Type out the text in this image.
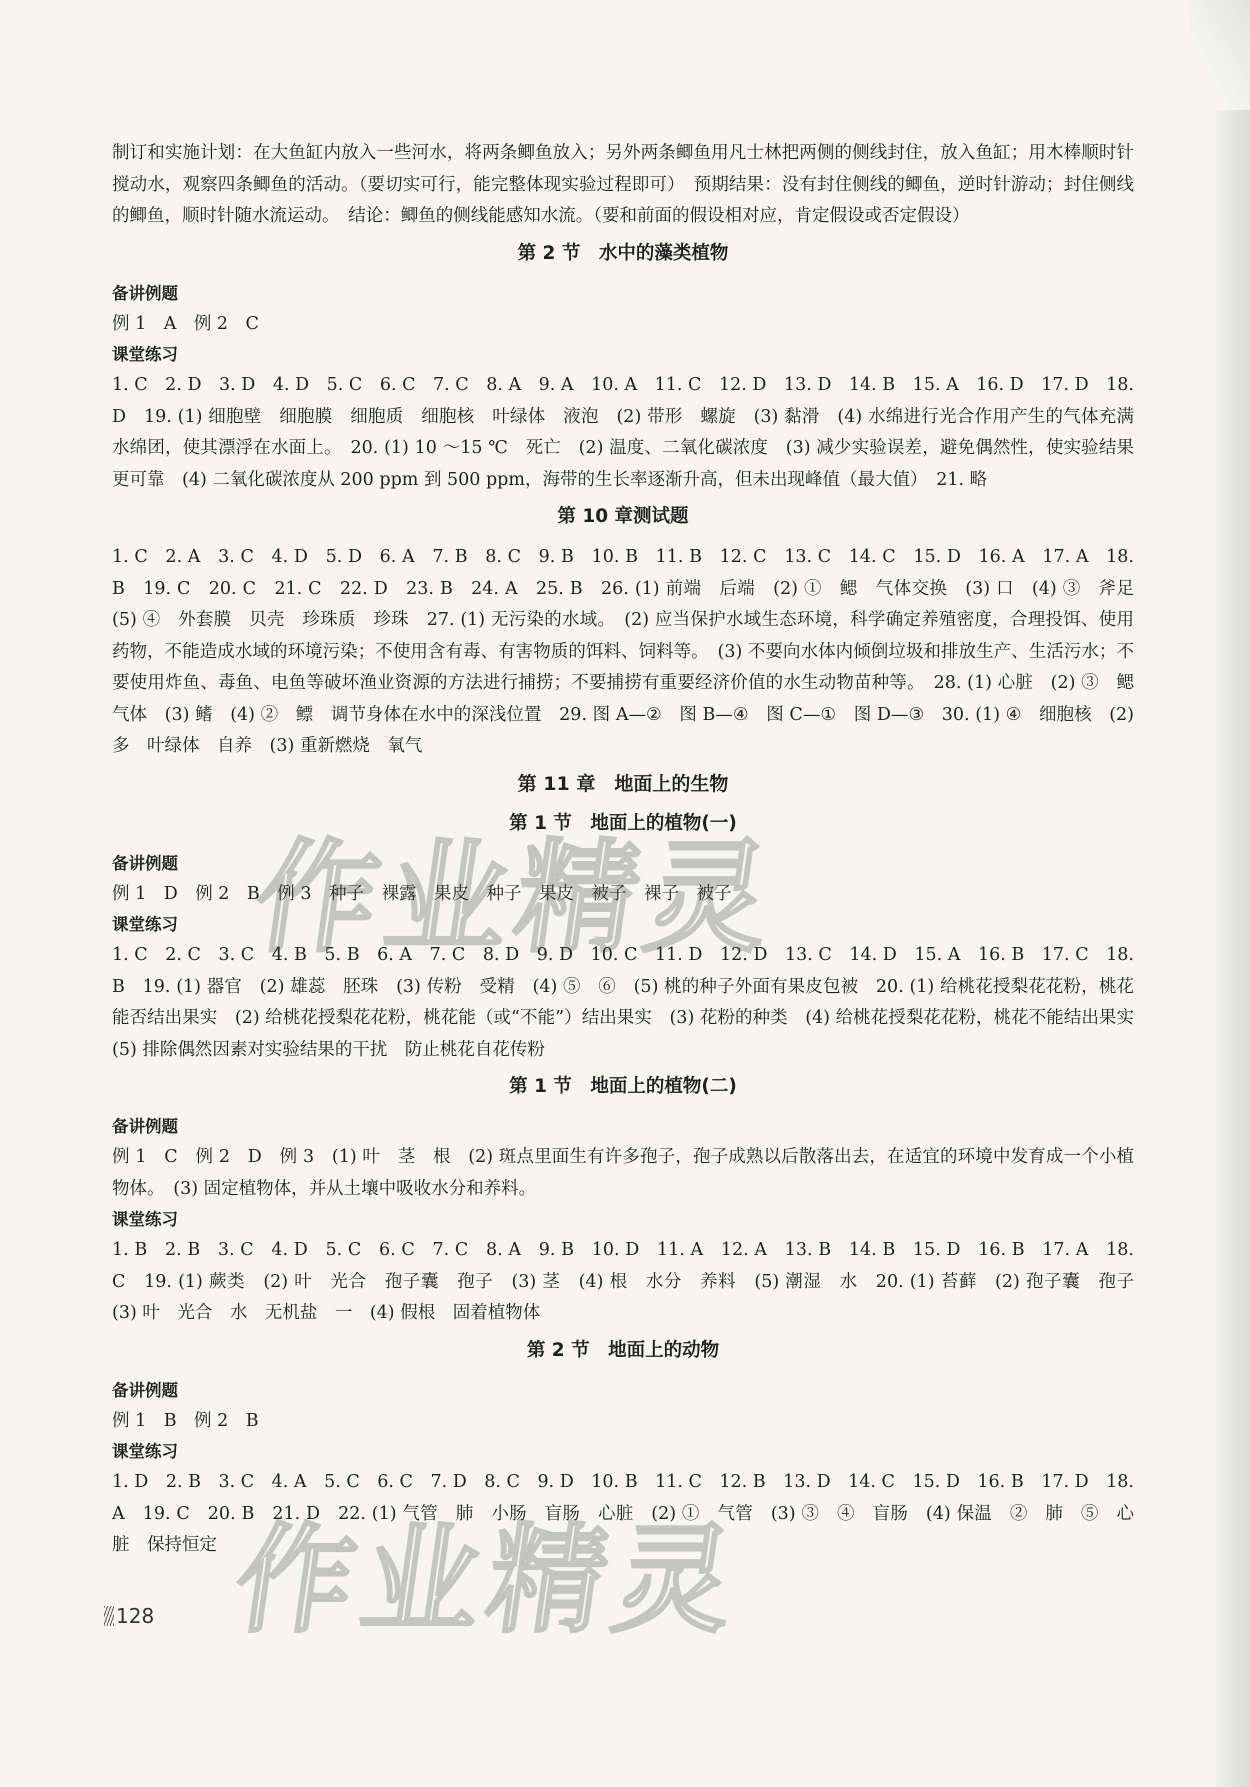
制订和实施计划：在大鱼缸内放入一些河水，将两条鲫鱼放入；另外两条鲫鱼用凡士林把两侧的侧线封住，放入鱼缸；用木棒顺时针搅动水，观察四条鲫鱼的活动。（要切实可行，能完整体现实验过程即可）　预期结果：没有封住侧线的鲫鱼，逆时针游动；封住侧线的鲫鱼，顺时针随水流运动。　结论：鲫鱼的侧线能感知水流。（要和前面的假设相对应，肯定假设或否定假设）

第 2 节　水中的藻类植物
备讲例题

例 1　A　例 2　C

课堂练习

1. C　2. D　3. D　4. D　5. C　6. C　7. C　8. A　9. A　10. A　11. C　12. D　13. D　14. B　15. A　16. D　17. D　18. D　19. (1) 细胞壁　细胞膜　细胞质　细胞核　叶绿体　液泡　(2) 带形　螺旋　(3) 黏滑　(4) 水绵进行光合作用产生的气体充满水绵团，使其漂浮在水面上。　20. (1) 10 ～15 ℃　死亡　(2) 温度、二氧化碳浓度　(3) 减少实验误差，避免偶然性，使实验结果更可靠　(4) 二氧化碳浓度从 200 ppm 到 500 ppm，海带的生长率逐渐升高，但未出现峰值（最大值）　21. 略

第 10 章测试题

1. C　2. A　3. C　4. D　5. D　6. A　7. B　8. C　9. B　10. B　11. B　12. C　13. C　14. C　15. D　16. A　17. A　18. B　19. C　20. C　21. C　22. D　23. B　24. A　25. B　26. (1) 前端　后端　(2) ①　鳃　气体交换　(3) 口　(4) ③　斧足　(5) ④　外套膜　贝壳　珍珠质　珍珠　27. (1) 无污染的水域。　(2) 应当保护水域生态环境，科学确定养殖密度，合理投饵、使用药物，不能造成水域的环境污染；不使用含有毒、有害物质的饵料、饲料等。　(3) 不要向水体内倾倒垃圾和排放生产、生活污水；不要使用炸鱼、毒鱼、电鱼等破坏渔业资源的方法进行捕捞；不要捕捞有重要经济价值的水生动物苗种等。　28. (1) 心脏　(2) ③　鳃　气体　(3) 鳍　(4) ②　鳔　调节身体在水中的深浅位置　29. 图 A—②　图 B—④　图 C—①　图 D—③　30. (1) ④　细胞核　(2) 多　叶绿体　自养　(3) 重新燃烧　氧气

第 11 章　地面上的生物
第 1 节　地面上的植物(一)
备讲例题

例 1　D　例 2　B　例 3　种子　裸露　果皮　种子　果皮　被子　裸子　被子

课堂练习

1. C　2. C　3. C　4. B　5. B　6. A　7. C　8. D　9. D　10. C　11. D　12. D　13. C　14. D　15. A　16. B　17. C　18. B　19. (1) 器官　(2) 雄蕊　胚珠　(3) 传粉　受精　(4) ⑤　⑥　(5) 桃的种子外面有果皮包被　20. (1) 给桃花授梨花花粉，桃花能否结出果实　(2) 给桃花授梨花花粉，桃花能（或“不能”）结出果实　(3) 花粉的种类　(4) 给桃花授梨花花粉，桃花不能结出果实　(5) 排除偶然因素对实验结果的干扰　防止桃花自花传粉

第 1 节　地面上的植物(二)
备讲例题

例 1　C　例 2　D　例 3　(1) 叶　茎　根　(2) 斑点里面生有许多孢子，孢子成熟以后散落出去，在适宜的环境中发育成一个小植物体。　(3) 固定植物体，并从土壤中吸收水分和养料。

课堂练习

1. B　2. B　3. C　4. D　5. C　6. C　7. C　8. A　9. B　10. D　11. A　12. A　13. B　14. B　15. D　16. B　17. A　18. C　19. (1) 蕨类　(2) 叶　光合　孢子囊　孢子　(3) 茎　(4) 根　水分　养料　(5) 潮湿　水　20. (1) 苔藓　(2) 孢子囊　孢子　(3) 叶　光合　水　无机盐　一　(4) 假根　固着植物体

第 2 节　地面上的动物
备讲例题

例 1　B　例 2　B

课堂练习

1. D　2. B　3. C　4. A　5. C　6. C　7. D　8. C　9. D　10. B　11. C　12. B　13. D　14. C　15. D　16. B　17. D　18. A　19. C　20. B　21. D　22. (1) 气管　肺　小肠　盲肠　心脏　(2) ①　气管　(3) ③　④　盲肠　(4) 保温　②　肺　⑤　心脏　保持恒定

作
业
精
灵
作
业
精
灵
128
